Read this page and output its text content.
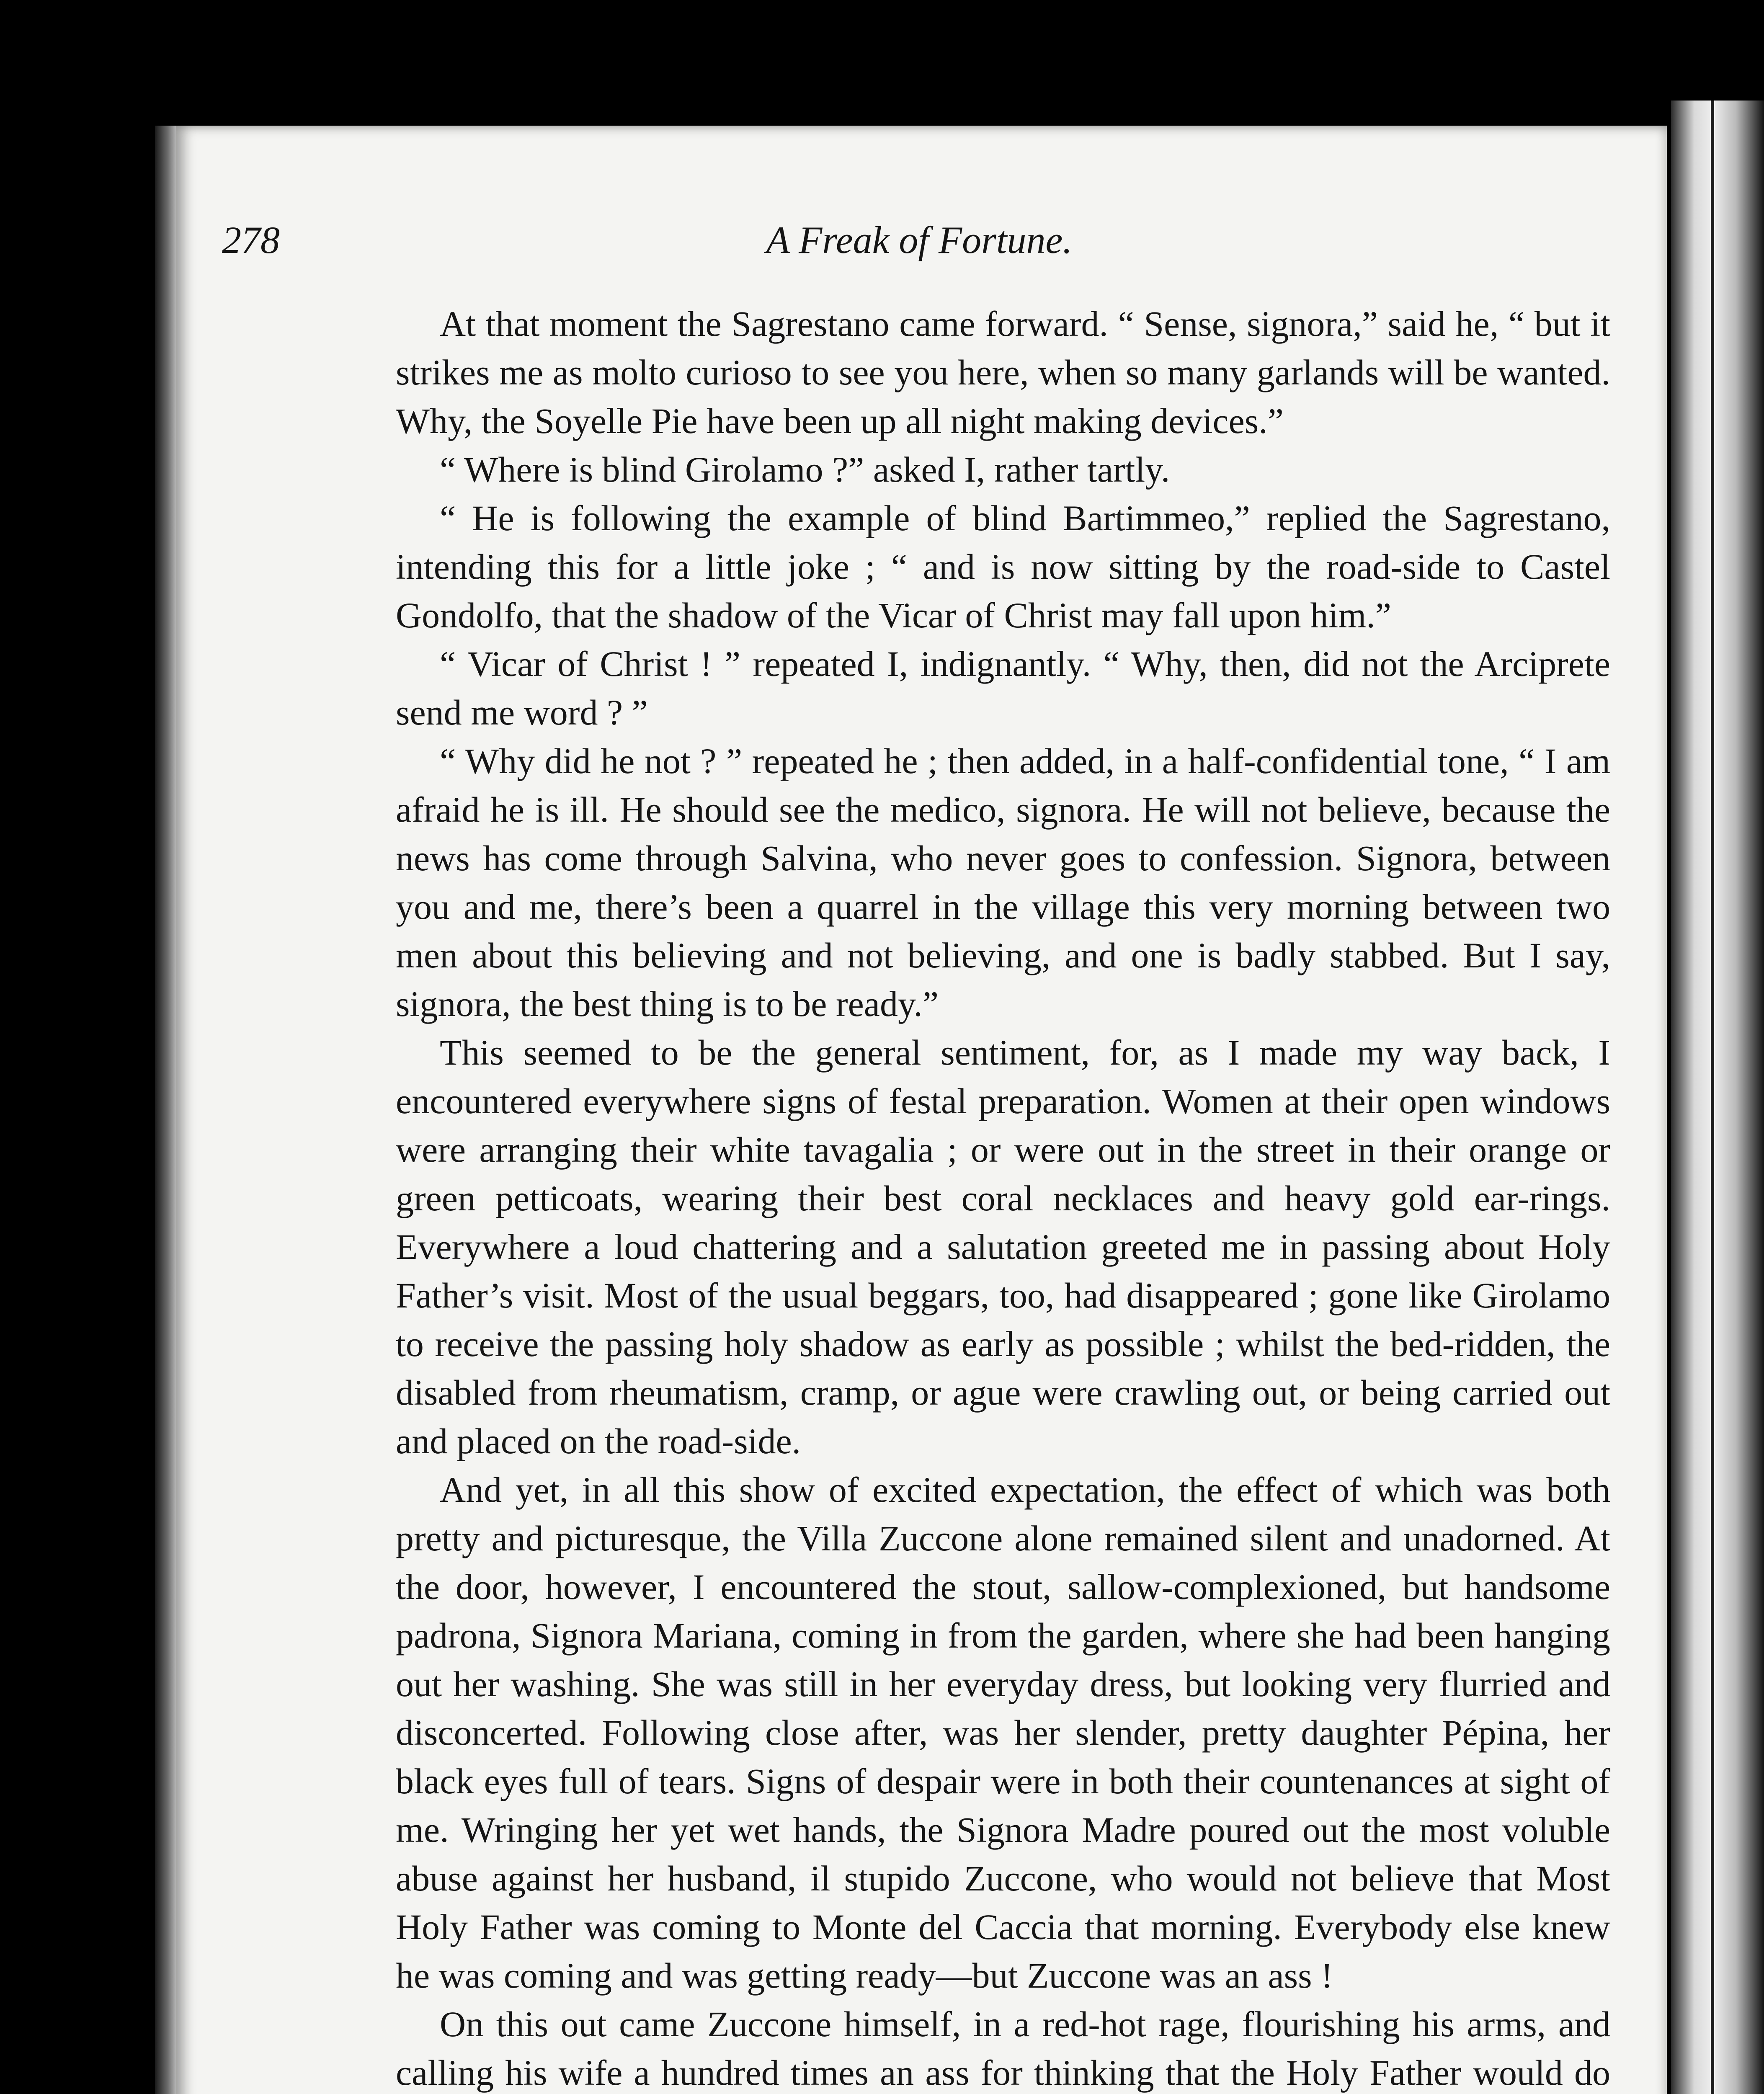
278	A Freak of Fortune.

At that moment the Sagrestano came forward. “ Sense, signora,” said he, “ but it strikes me as molto curioso to see you here, when so many garlands will be wanted. Why, the Soyelle Pie have been up all night making devices.”

“ Where is blind Girolamo ?” asked I, rather tartly.

“ He is following the example of blind Bartimmeo,” replied the Sagrestano, intending this for a little joke ; “ and is now sitting by the road-side to Castel Gondolfo, that the shadow of the Vicar of Christ may fall upon him.”

“ Vicar of Christ ! ” repeated I, indignantly. “ Why, then, did not the Arciprete send me word ? ”

“ Why did he not ? ” repeated he ; then added, in a half-confidential tone, “ I am afraid he is ill. He should see the medico, signora. He will not believe, because the news has come through Salvina, who never goes to confession. Signora, between you and me, there’s been a quarrel in the village this very morning between two men about this believing and not believing, and one is badly stabbed. But I say, signora, the best thing is to be ready.”

This seemed to be the general sentiment, for, as I made my way back, I encountered everywhere signs of festal preparation. Women at their open windows were arranging their white tavagalia ; or were out in the street in their orange or green petticoats, wearing their best coral necklaces and heavy gold ear-rings. Everywhere a loud chattering and a salutation greeted me in passing about Holy Father’s visit. Most of the usual beggars, too, had disappeared ; gone like Girolamo to receive the passing holy shadow as early as possible ; whilst the bed-ridden, the disabled from rheumatism, cramp, or ague were crawling out, or being carried out and placed on the road-side.

And yet, in all this show of excited expectation, the effect of which was both pretty and picturesque, the Villa Zuccone alone remained silent and unadorned. At the door, however, I encountered the stout, sallow-complexioned, but handsome padrona, Signora Mariana, coming in from the garden, where she had been hanging out her washing. She was still in her everyday dress, but looking very flurried and disconcerted. Following close after, was her slender, pretty daughter Pépina, her black eyes full of tears. Signs of despair were in both their countenances at sight of me. Wringing her yet wet hands, the Signora Madre poured out the most voluble abuse against her husband, il stupido Zuccone, who would not believe that Most Holy Father was coming to Monte del Caccia that morning. Everybody else knew he was coming and was getting ready—but Zuccone was an ass !

On this out came Zuccone himself, in a red-hot rage, flourishing his arms, and calling his wife a hundred times an ass for thinking that the Holy Father would do
